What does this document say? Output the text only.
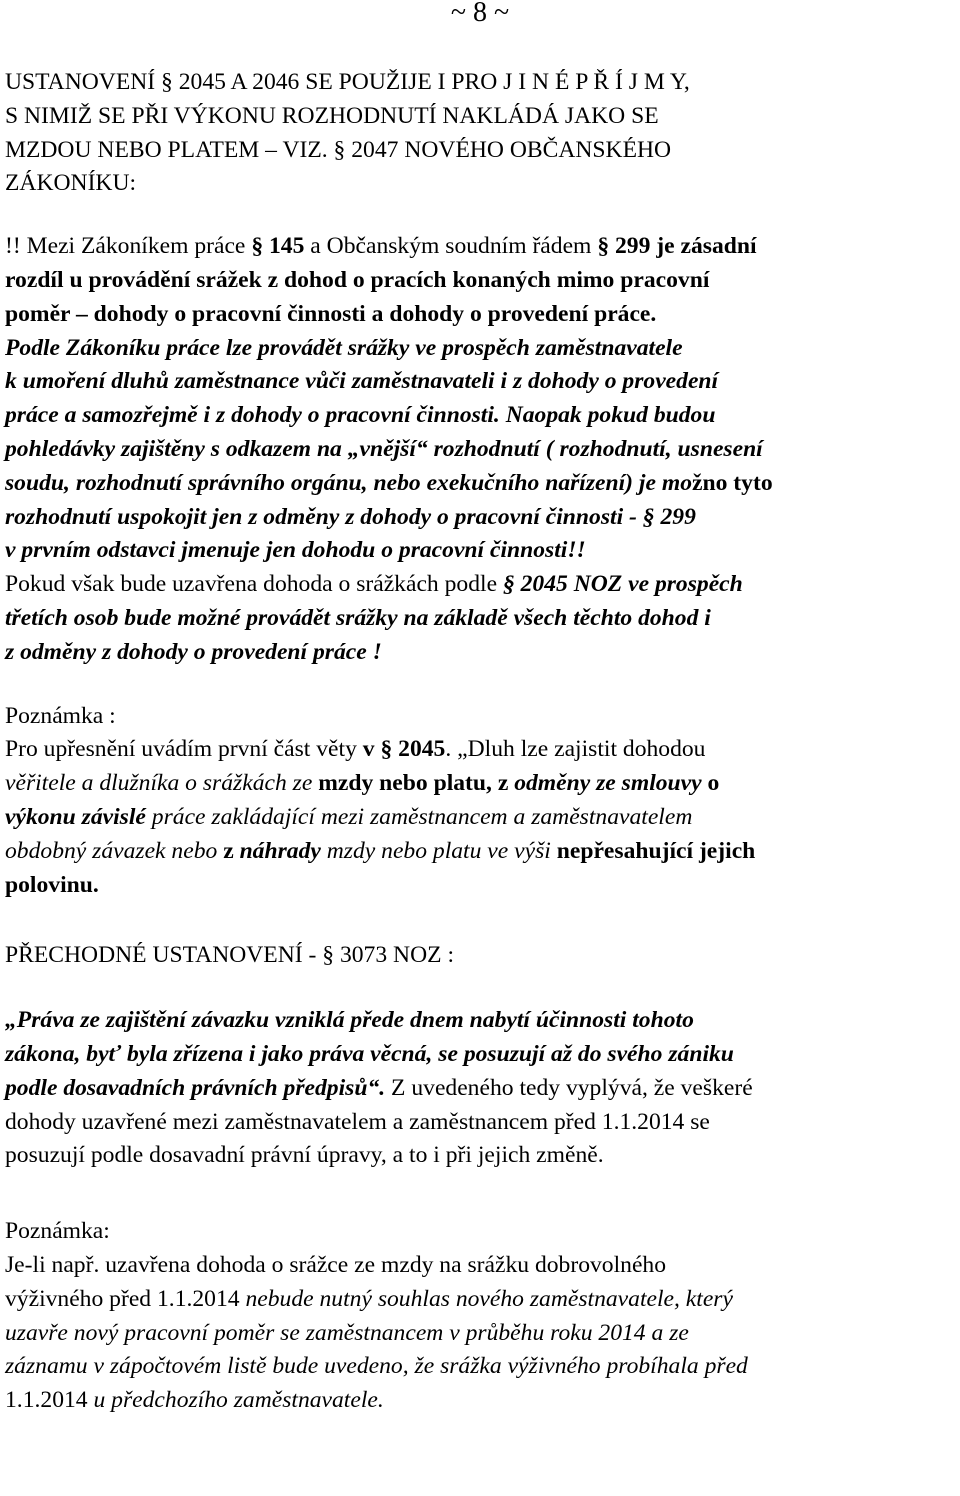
~ 8 ~

USTANOVENÍ § 2045 A 2046 SE POUŽIJE I PRO J I N É P Ř Í J M Y,
S NIMIŽ SE PŘI VÝKONU ROZHODNUTÍ NAKLÁDÁ JAKO SE
MZDOU NEBO PLATEM – VIZ. § 2047 NOVÉHO OBČANSKÉHO
ZÁKONÍKU:

!! Mezi Zákoníkem práce § 145 a Občanským soudním řádem § 299 je zásadní
rozdíl u provádění srážek z dohod o pracích konaných mimo pracovní
poměr – dohody o pracovní činnosti a dohody o provedení práce.
Podle Zákoníku práce lze provádět srážky ve prospěch zaměstnavatele
k umoření dluhů zaměstnance vůči zaměstnavateli i z dohody o provedení
práce a samozřejmě i z dohody o pracovní činnosti. Naopak pokud budou
pohledávky zajištěny s odkazem na „vnější“ rozhodnutí ( rozhodnutí, usnesení
soudu, rozhodnutí správního orgánu, nebo exekučního nařízení) je možno tyto
rozhodnutí uspokojit jen z odměny z dohody o pracovní činnosti - § 299
v prvním odstavci jmenuje jen dohodu o pracovní činnosti!!
Pokud však bude uzavřena dohoda o srážkách podle § 2045 NOZ ve prospěch
třetích osob bude možné provádět srážky na základě všech těchto dohod i
z odměny z dohody o provedení práce !

Poznámka :
Pro upřesnění uvádím první část věty v § 2045. „Dluh lze zajistit dohodou
věřitele a dlužníka o srážkách ze mzdy nebo platu, z odměny ze smlouvy o
výkonu závislé práce zakládající mezi zaměstnancem a zaměstnavatelem
obdobný závazek nebo z náhrady mzdy nebo platu ve výši nepřesahující jejich
polovinu.

PŘECHODNÉ USTANOVENÍ - § 3073 NOZ :

„Práva ze zajištění závazku vzniklá přede dnem nabytí účinnosti tohoto
zákona, byť byla zřízena i jako práva věcná, se posuzují až do svého zániku
podle dosavadních právních předpisů“. Z uvedeného tedy vyplývá, že veškeré
dohody uzavřené mezi zaměstnavatelem a zaměstnancem před 1.1.2014 se
posuzují podle dosavadní právní úpravy, a to i při jejich změně.

Poznámka:
Je-li např. uzavřena dohoda o srážce ze mzdy na srážku dobrovolného
výživného před 1.1.2014 nebude nutný souhlas nového zaměstnavatele, který
uzavře nový pracovní poměr se zaměstnancem v průběhu roku 2014 a ze
záznamu v zápočtovém listě bude uvedeno, že srážka výživného probíhala před
1.1.2014 u předchozího zaměstnavatele.
